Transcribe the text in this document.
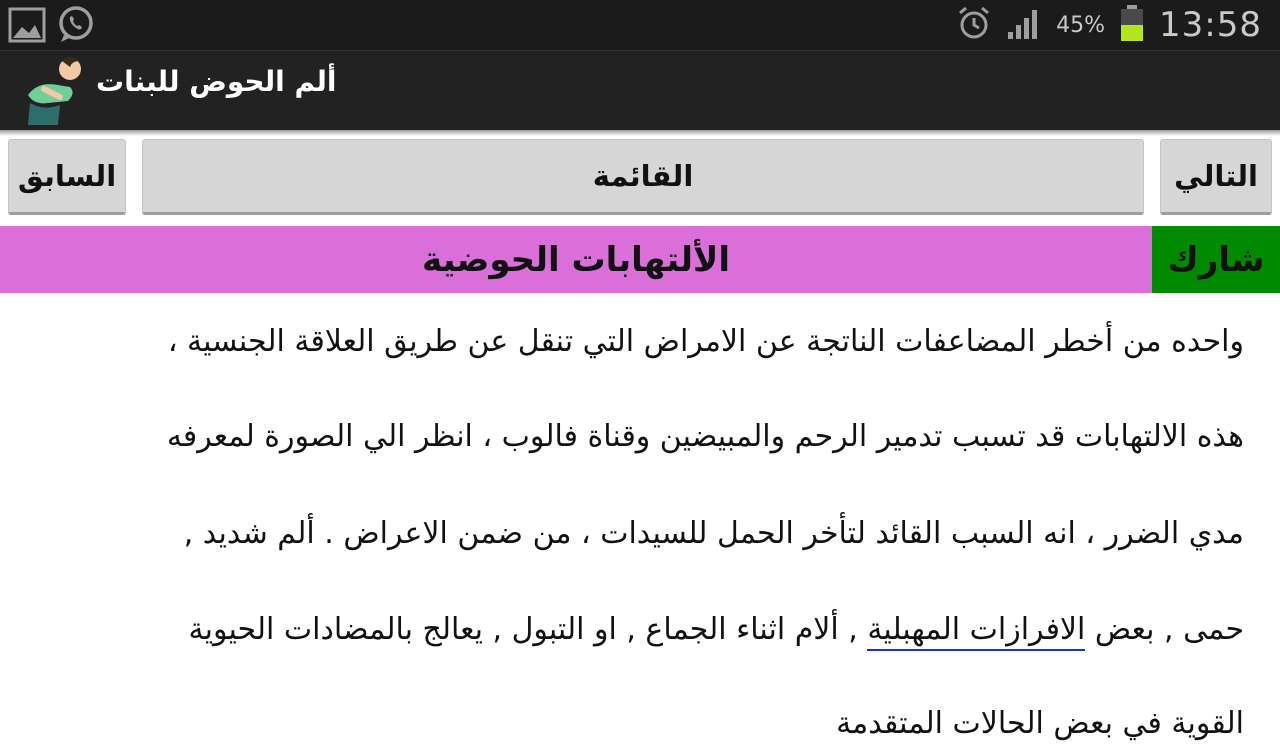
45% 13:58
ألم الحوض للبنات
السابق	القائمة	التالي
الألتهابات الحوضية	شارك
واحده من أخطر المضاعفات الناتجة عن الامراض التي تنقل عن طريق العلاقة الجنسية ،
هذه الالتهابات قد تسبب تدمير الرحم والمبيضين وقناة فالوب ، انظر الي الصورة لمعرفه
مدي الضرر ، انه السبب القائد لتأخر الحمل للسيدات ، من ضمن الاعراض . ألم شديد ,
حمى , بعض الافرازات المهبلية , ألام اثناء الجماع , او التبول , يعالج بالمضادات الحيوية
القوية في بعض الحالات المتقدمة
